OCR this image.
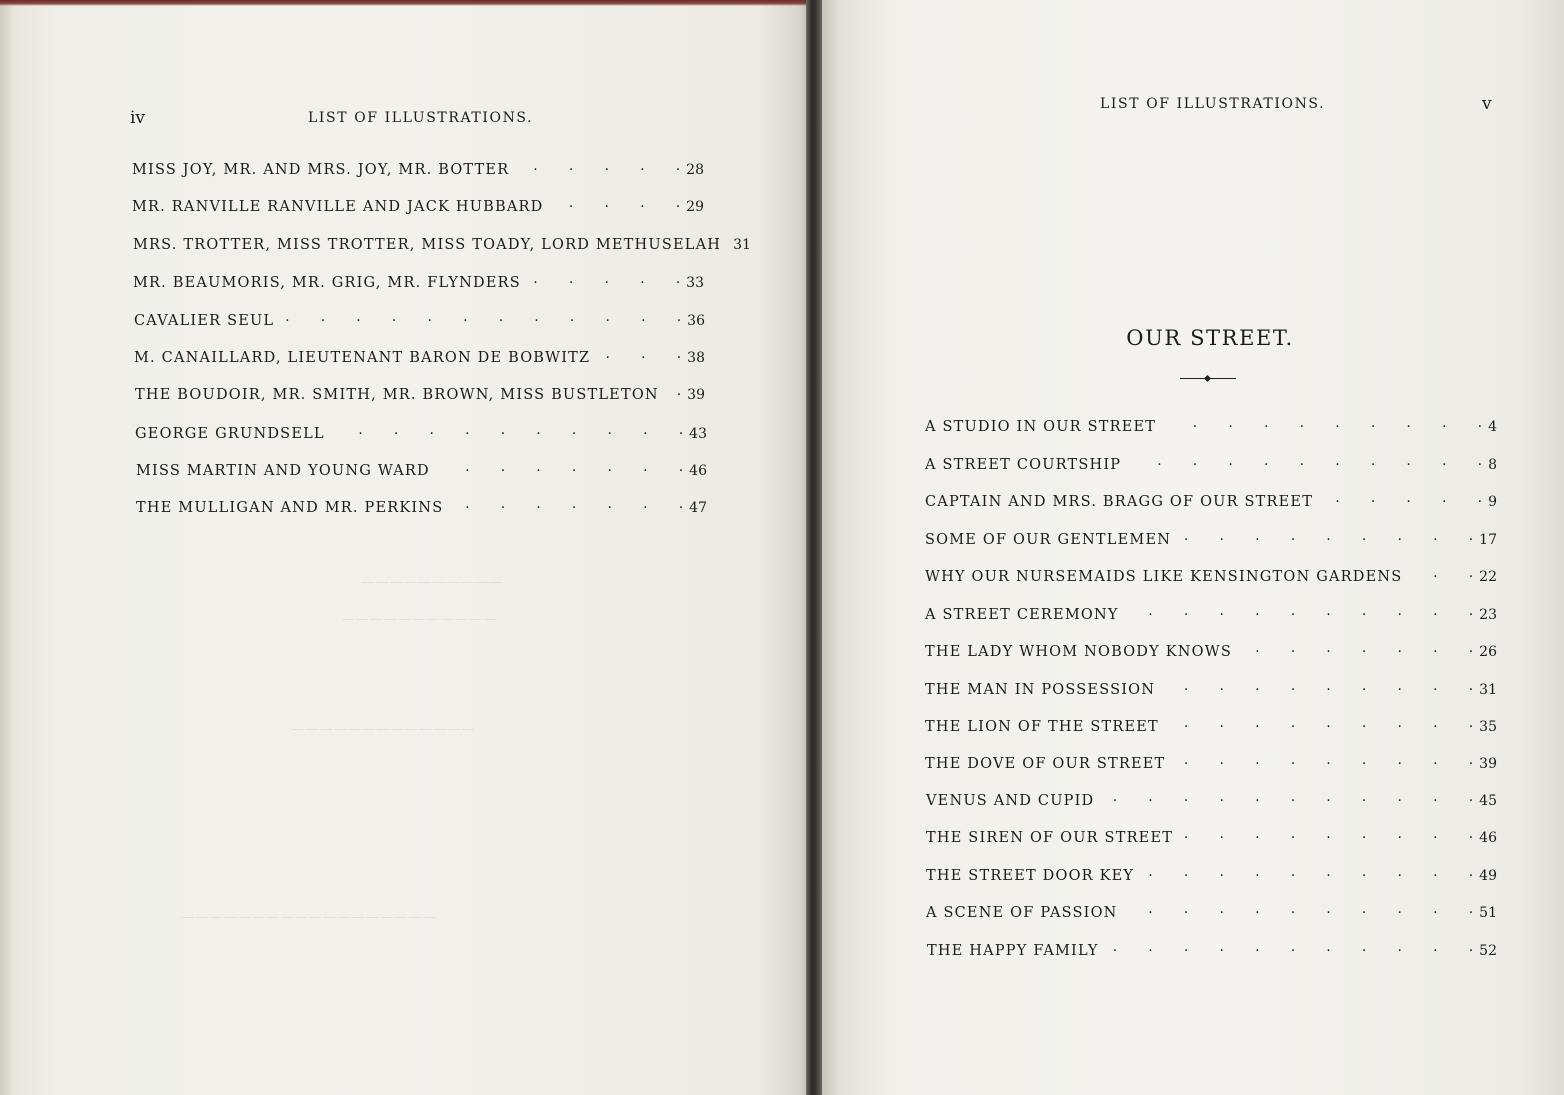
——————————
———————————
—————————————
——————————————————
iv	LIST OF ILLUSTRATIONS.
MISS JOY, MR. AND MRS. JOY, MR. BOTTER .	28
MR. RANVILLE RANVILLE AND JACK HUBBARD .	29
MRS. TROTTER, MISS TROTTER, MISS TOADY, LORD METHUSELAH 31
MR. BEAUMORIS, MR. GRIG, MR. FLYNDERS .	33
CAVALIER SEUL .	36
M. CANAILLARD, LIEUTENANT BARON DE BOBWITZ .	38
THE BOUDOIR, MR. SMITH, MR. BROWN, MISS BUSTLETON . 39
GEORGE GRUNDSELL .	43
MISS MARTIN AND YOUNG WARD .	46
THE MULLIGAN AND MR. PERKINS .	47
LIST OF ILLUSTRATIONS.	v
OUR STREET.
A STUDIO IN OUR STREET .	4
A STREET COURTSHIP .	8
CAPTAIN AND MRS. BRAGG OF OUR STREET .	9
SOME OF OUR GENTLEMEN .	17
WHY OUR NURSEMAIDS LIKE KENSINGTON GARDENS .	22
A STREET CEREMONY .	23
THE LADY WHOM NOBODY KNOWS .	26
THE MAN IN POSSESSION .	31
THE LION OF THE STREET .	35
THE DOVE OF OUR STREET .	39
VENUS AND CUPID .	45
THE SIREN OF OUR STREET .	46
THE STREET DOOR KEY .	49
A SCENE OF PASSION .	51
THE HAPPY FAMILY .	52
